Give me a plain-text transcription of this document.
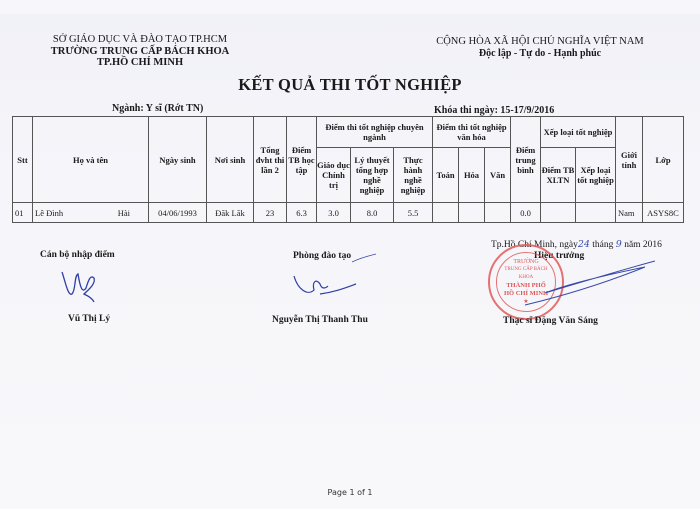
SỞ GIÁO DỤC VÀ ĐÀO TẠO TP.HCM
TRƯỜNG TRUNG CẤP BÁCH KHOA
TP.HỒ CHÍ MINH
CỘNG HÒA XÃ HỘI CHỦ NGHĨA VIỆT NAM
Độc lập - Tự do - Hạnh phúc
KẾT QUẢ THI TỐT NGHIỆP
Ngành: Y sĩ (Rớt TN)	Khóa thi ngày: 15-17/9/2016
Stt	Họ và tên	Ngày sinh	Nơi sinh	Tổng đvht thi lần 2	Điểm TB học tập	Điểm thi tốt nghiệp chuyên ngành			Điểm thi tốt nghiệp văn hóa			Điểm trung bình	Xếp loại tốt nghiệp		Giới tính	Lớp
						Giáo dục Chính trị	Lý thuyết tổng hợp nghề nghiệp	Thực hành nghề nghiệp	Toán	Hóa	Văn		Điểm TB XLTN	Xếp loại tốt nghiệp		
01	Lê Đình Hài	04/06/1993	Đăk Lăk	23	6.3	3.0	8.0	5.5				0.0			Nam	ASYS8C
Cán bộ nhập điểm
Vũ Thị Lý
Phòng đào tạo
Nguyễn Thị Thanh Thu
Tp.Hồ Chí Minh, ngày24 tháng 9 năm 2016
Hiệu trưởng
TRƯỜNG
TRUNG CẤP BÁCH KHOA
THÀNH PHỐ
HỒ CHÍ MINH
★
Thạc sĩ Đặng Văn Sáng
Page 1 of 1
